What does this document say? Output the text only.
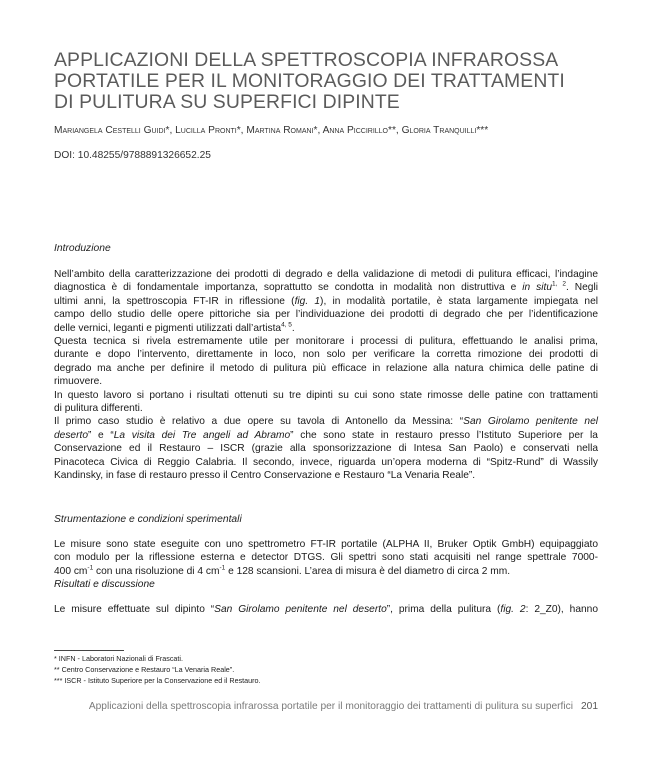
APPLICAZIONI DELLA SPETTROSCOPIA INFRAROSSA
PORTATILE PER IL MONITORAGGIO DEI TRATTAMENTI
DI PULITURA SU SUPERFICI DIPINTE
Mariangela Cestelli Guidi*, Lucilla Pronti*, Martina Romani*, Anna Piccirillo**, Gloria Tranquilli***
DOI: 10.48255/9788891326652.25
Introduzione
Nell’ambito della caratterizzazione dei prodotti di degrado e della validazione di metodi di pulitura efficaci, l’indagine
diagnostica è di fondamentale importanza, soprattutto se condotta in modalità non distruttiva e in situ$^{1, 2}$. Negli
ultimi anni, la spettroscopia FT-IR in riflessione (fig. 1), in modalità portatile, è stata largamente impiegata nel
campo dello studio delle opere pittoriche sia per l’individuazione dei prodotti di degrado che per l’identificazione
delle vernici, leganti e pigmenti utilizzati dall’artista$^{4, 5}$.
Questa tecnica si rivela estremamente utile per monitorare i processi di pulitura, effettuando le analisi prima,
durante e dopo l’intervento, direttamente in loco, non solo per verificare la corretta rimozione dei prodotti di
degrado ma anche per definire il metodo di pulitura più efficace in relazione alla natura chimica delle patine di
rimuovere.
In questo lavoro si portano i risultati ottenuti su tre dipinti su cui sono state rimosse delle patine con trattamenti
di pulitura differenti.
Il primo caso studio è relativo a due opere su tavola di Antonello da Messina: “San Girolamo penitente nel
deserto” e “La visita dei Tre angeli ad Abramo” che sono state in restauro presso l’Istituto Superiore per la
Conservazione ed il Restauro – ISCR (grazie alla sponsorizzazione di Intesa San Paolo) e conservati nella
Pinacoteca Civica di Reggio Calabria. Il secondo, invece, riguarda un’opera moderna di “Spitz-Rund” di Wassily
Kandinsky, in fase di restauro presso il Centro Conservazione e Restauro “La Venaria Reale”.
Strumentazione e condizioni sperimentali
Le misure sono state eseguite con uno spettrometro FT-IR portatile (ALPHA II, Bruker Optik GmbH) equipaggiato
con modulo per la riflessione esterna e detector DTGS. Gli spettri sono stati acquisiti nel range spettrale 7000-
400 $cm^{-1}$ con una risoluzione di 4 $cm^{-1}$ e 128 scansioni. L’area di misura è del diametro di circa 2 mm.
Risultati e discussione
Le misure effettuate sul dipinto “San Girolamo penitente nel deserto”, prima della pulitura (fig. 2: 2_Z0), hanno
* INFN - Laboratori Nazionali di Frascati.
** Centro Conservazione e Restauro “La Venaria Reale”.
*** ISCR - Istituto Superiore per la Conservazione ed il Restauro.
Applicazioni della spettroscopia infrarossa portatile per il monitoraggio dei trattamenti di pulitura su superfici 201
